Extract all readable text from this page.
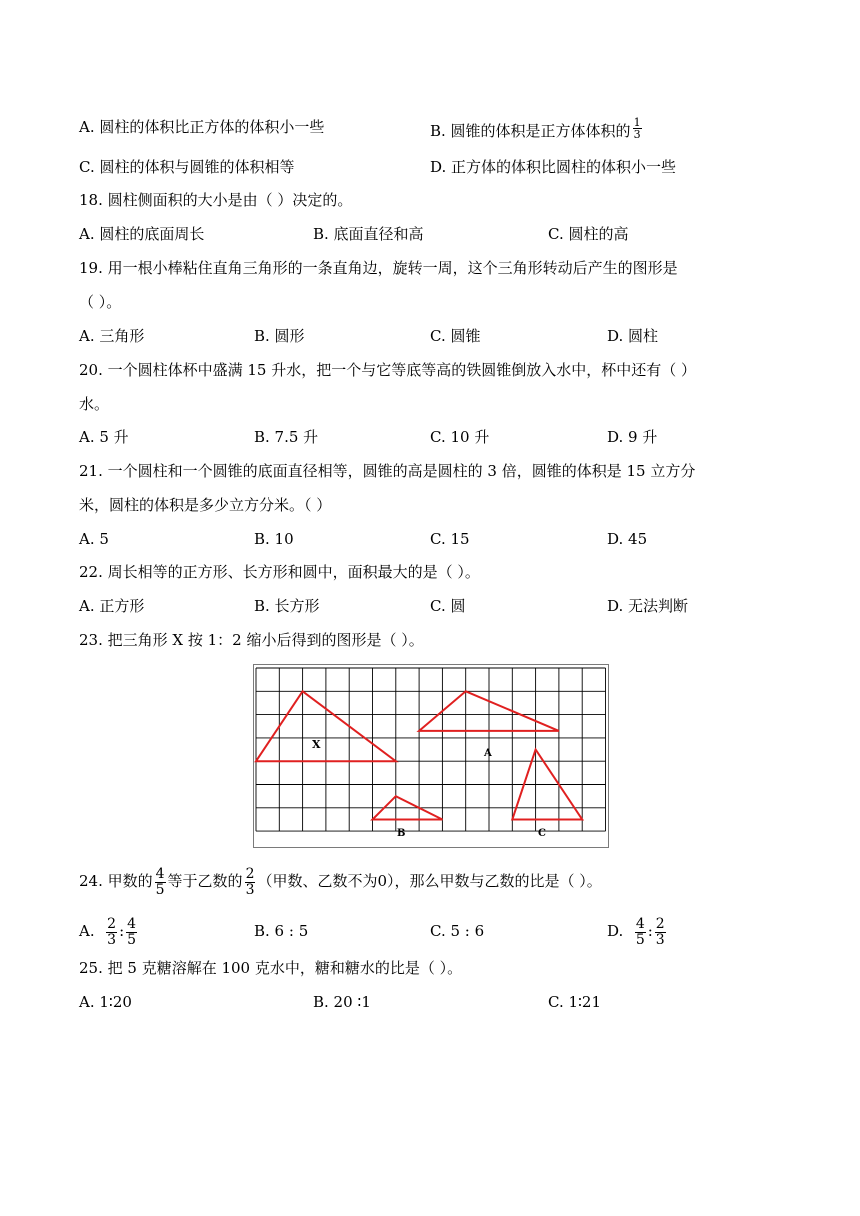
A. 圆柱的体积比正方体的体积小一些	B. 圆锥的体积是正方体体积的 $\frac{1}{3}$
C. 圆柱的体积与圆锥的体积相等	D. 正方体的体积比圆柱的体积小一些
18. 圆柱侧面积的大小是由（ ）决定的。
A. 圆柱的底面周长	B. 底面直径和高	C. 圆柱的高
19. 用一根小棒粘住直角三角形的一条直角边，旋转一周，这个三角形转动后产生的图形是
（ ）。
A. 三角形	B. 圆形	C. 圆锥	D. 圆柱
20. 一个圆柱体杯中盛满 15 升水，把一个与它等底等高的铁圆锥倒放入水中，杯中还有（ ）
水。
A. 5 升	B. 7.5 升	C. 10 升	D. 9 升
21. 一个圆柱和一个圆锥的底面直径相等，圆锥的高是圆柱的 3 倍，圆锥的体积是 15 立方分
米，圆柱的体积是多少立方分米。（ ）
A. 5	B. 10	C. 15	D. 45
22. 周长相等的正方形、长方形和圆中，面积最大的是（ ）。
A. 正方形	B. 长方形	C. 圆	D. 无法判断
23. 把三角形 X 按 1：2 缩小后得到的图形是（ ）。
X
A
B	C
24. 甲数的 $\frac{4}{5}$ 等于乙数的 $\frac{2}{3}$ （甲数、乙数不为0），那么甲数与乙数的比是（ ）。
A. $\frac{2}{3}$ : $\frac{4}{5}$	B. 6 : 5	C. 5 : 6	D. $\frac{4}{5}$ : $\frac{2}{3}$
25. 把 5 克糖溶解在 100 克水中，糖和糖水的比是（ ）。
A. 1∶20	B. 20 ∶1	C. 1∶21
